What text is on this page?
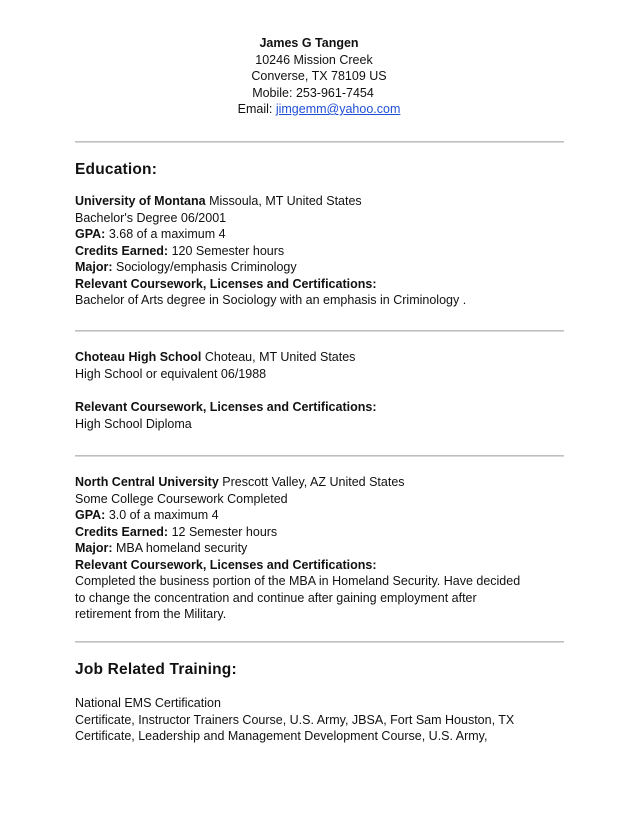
James G Tangen
10246 Mission Creek
Converse, TX 78109 US
Mobile: 253-961-7454
Email: jimgemm@yahoo.com
Education:
University of Montana Missoula, MT United States
Bachelor's Degree 06/2001
GPA: 3.68 of a maximum 4
Credits Earned: 120 Semester hours
Major: Sociology/emphasis Criminology
Relevant Coursework, Licenses and Certifications:
Bachelor of Arts degree in Sociology with an emphasis in Criminology .
Choteau High School Choteau, MT United States
High School or equivalent 06/1988
Relevant Coursework, Licenses and Certifications:
High School Diploma
North Central University Prescott Valley, AZ United States
Some College Coursework Completed
GPA: 3.0 of a maximum 4
Credits Earned: 12 Semester hours
Major: MBA homeland security
Relevant Coursework, Licenses and Certifications:
Completed the business portion of the MBA in Homeland Security. Have decided
to change the concentration and continue after gaining employment after
retirement from the Military.
Job Related Training:
National EMS Certification
Certificate, Instructor Trainers Course, U.S. Army, JBSA, Fort Sam Houston, TX
Certificate, Leadership and Management Development Course, U.S. Army,
